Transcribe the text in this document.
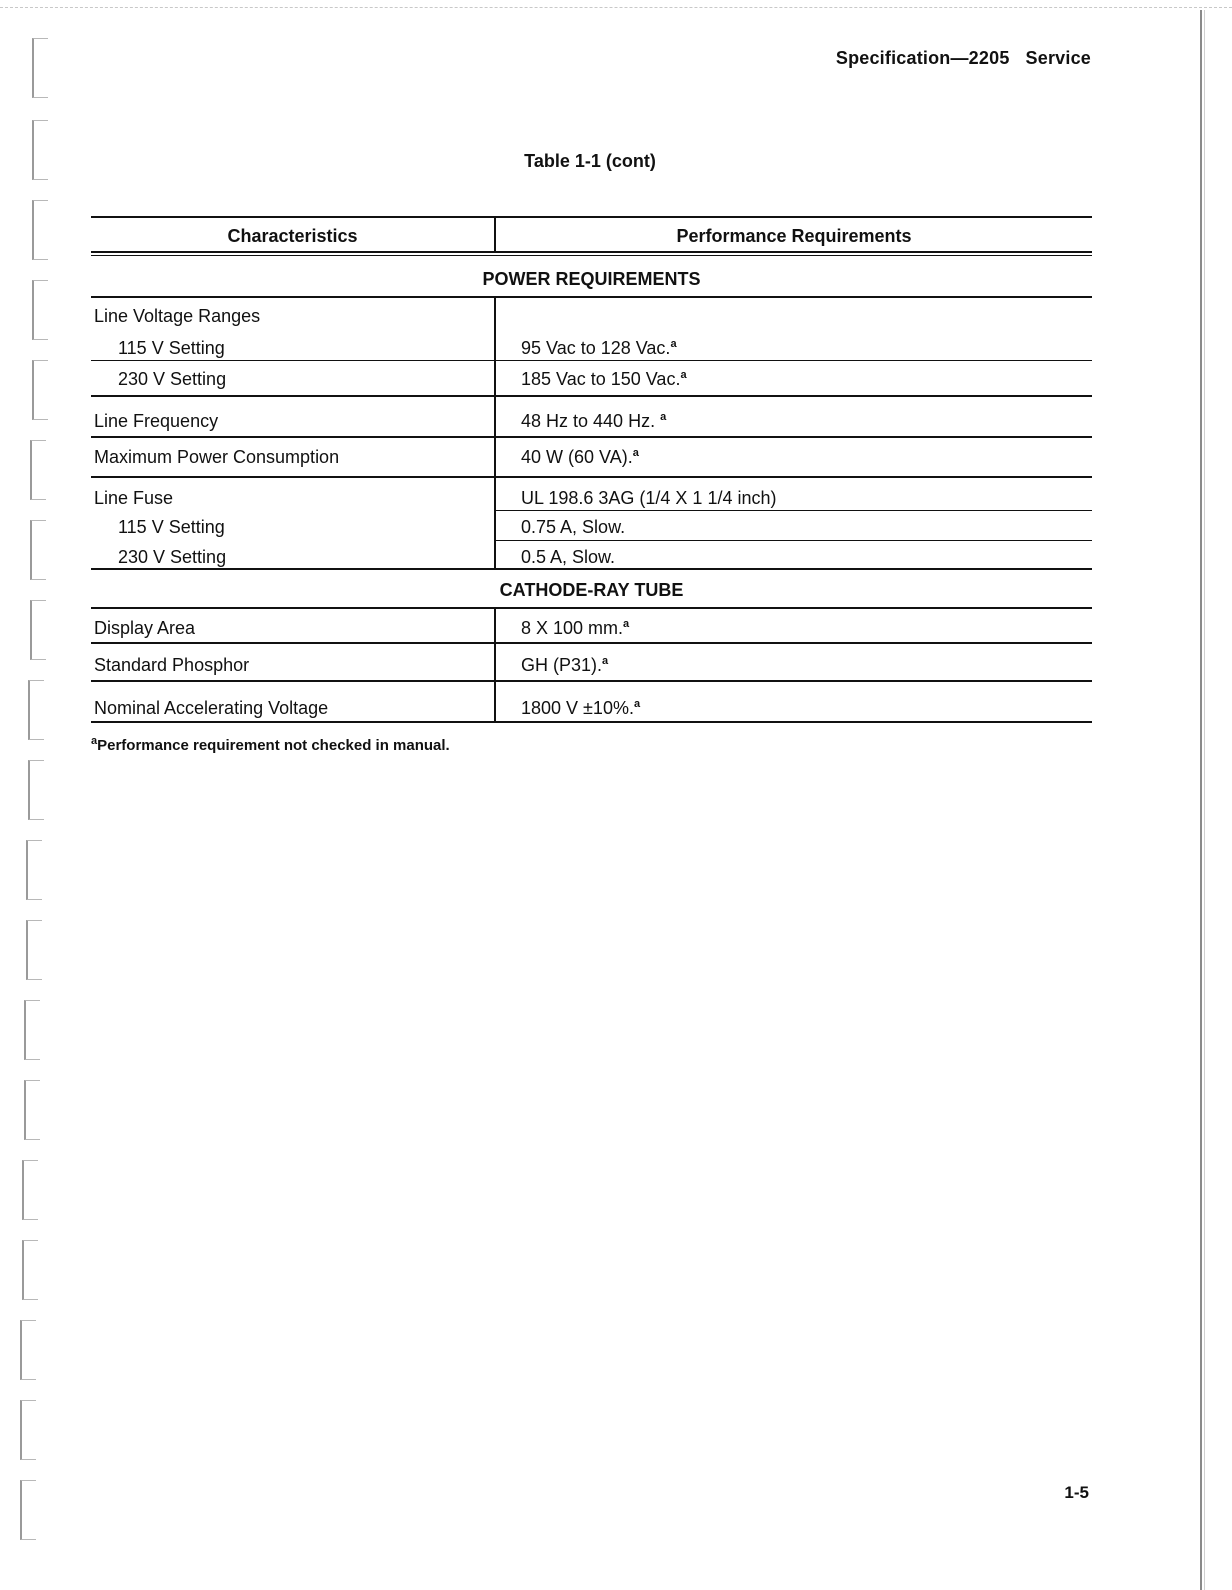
Specification—2205 Service
Table 1-1 (cont)
Characteristics	Performance Requirements
POWER REQUIREMENTS
Line Voltage Ranges
115 V Setting	95 Vac to 128 Vac.$^a$
230 V Setting	185 Vac to 150 Vac.$^a$
Line Frequency	48 Hz to 440 Hz. $^a$
Maximum Power Consumption	40 W (60 VA).$^a$
Line Fuse	UL 198.6 3AG (1/4 X 1 1/4 inch)
115 V Setting	0.75 A, Slow.
230 V Setting	0.5 A, Slow.
CATHODE-RAY TUBE
Display Area	8 X 100 mm.$^a$
Standard Phosphor	GH (P31).$^a$
Nominal Accelerating Voltage	1800 V ±10%.$^a$
$^a$Performance requirement not checked in manual.
1-5
